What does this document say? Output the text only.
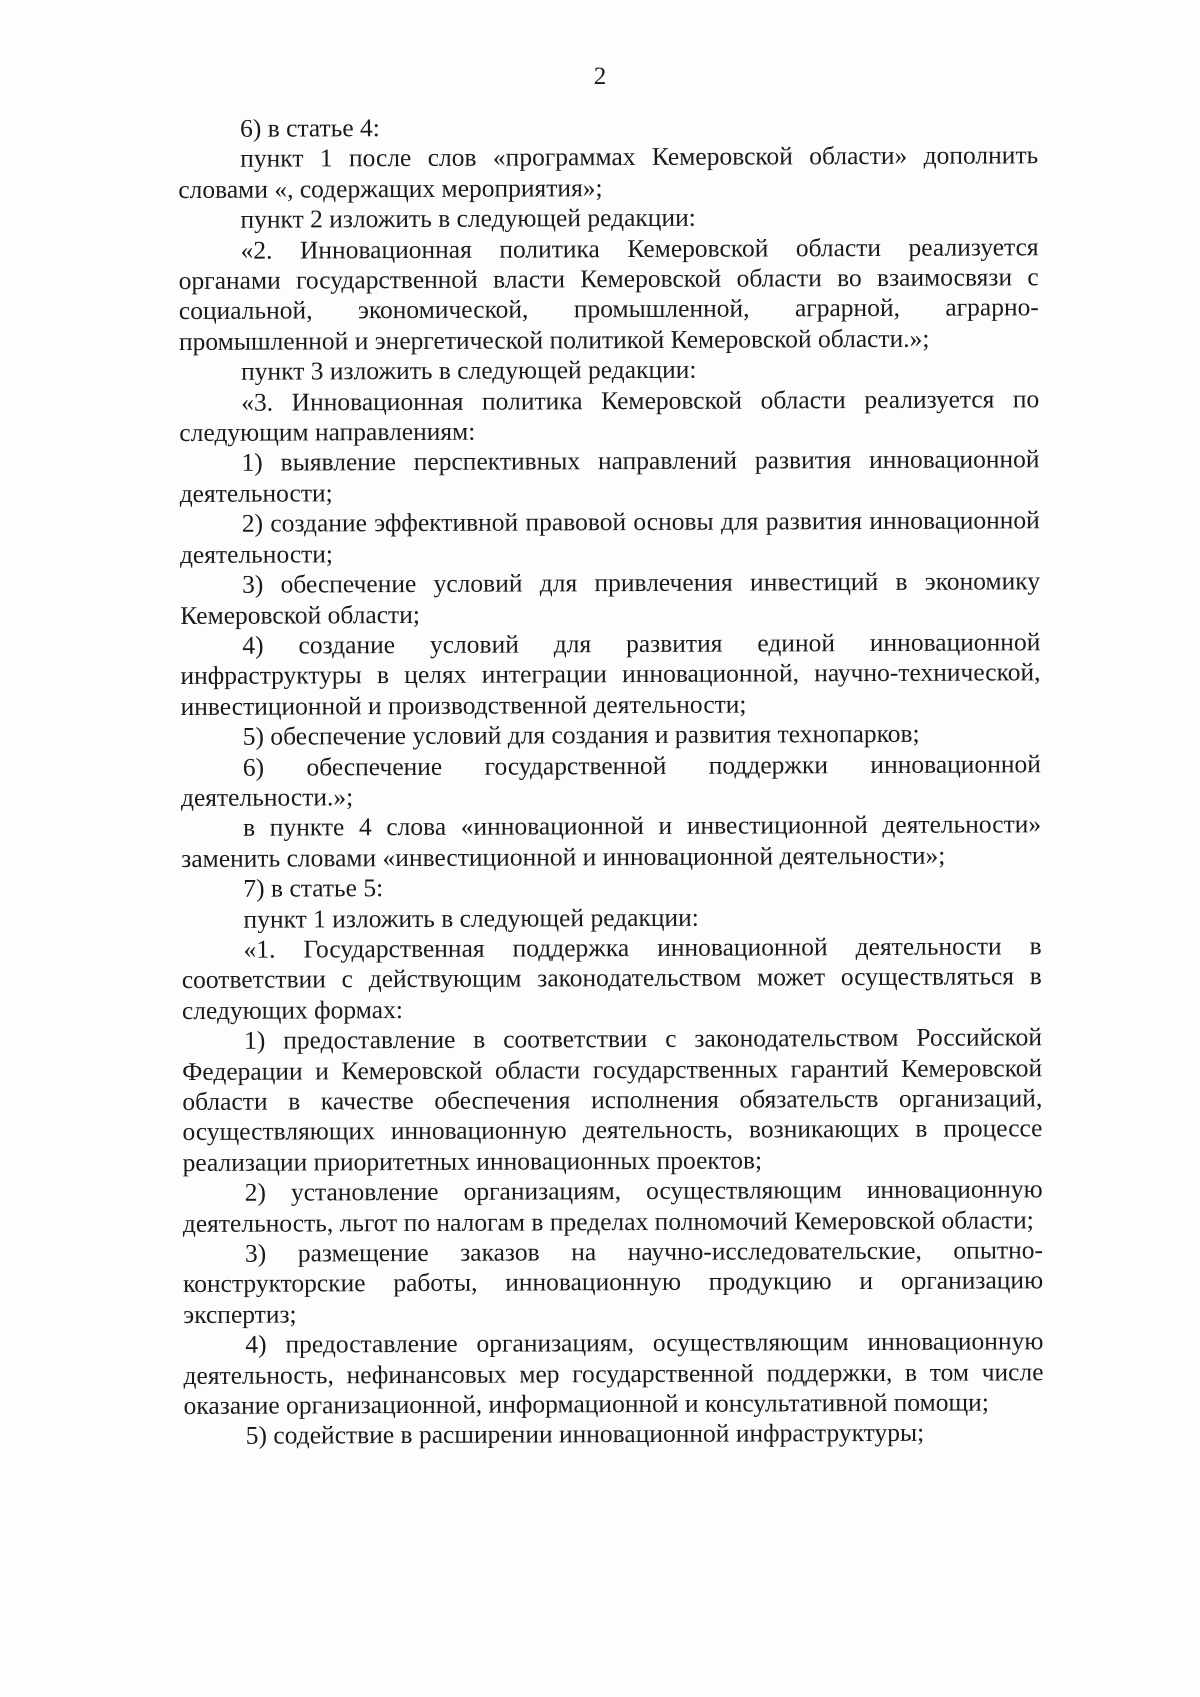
2

6) в статье 4:

пункт 1 после слов «программах Кемеровской области» дополнить словами «, содержащих мероприятия»;

пункт 2 изложить в следующей редакции:

«2. Инновационная политика Кемеровской области реализуется органами государственной власти Кемеровской области во взаимосвязи с социальной, экономической, промышленной, аграрной, аграрно-промышленной и энергетической политикой Кемеровской области.»;

пункт 3 изложить в следующей редакции:

«3. Инновационная политика Кемеровской области реализуется по следующим направлениям:

1) выявление перспективных направлений развития инновационной деятельности;

2) создание эффективной правовой основы для развития инновационной деятельности;

3) обеспечение условий для привлечения инвестиций в экономику Кемеровской области;

4) создание условий для развития единой инновационной инфраструктуры в целях интеграции инновационной, научно-технической, инвестиционной и производственной деятельности;

5) обеспечение условий для создания и развития технопарков;

6) обеспечение государственной поддержки инновационной деятельности.»;

в пункте 4 слова «инновационной и инвестиционной деятельности» заменить словами «инвестиционной и инновационной деятельности»;

7) в статье 5:

пункт 1 изложить в следующей редакции:

«1. Государственная поддержка инновационной деятельности в соответствии с действующим законодательством может осуществляться в следующих формах:

1) предоставление в соответствии с законодательством Российской Федерации и Кемеровской области государственных гарантий Кемеровской области в качестве обеспечения исполнения обязательств организаций, осуществляющих инновационную деятельность, возникающих в процессе реализации приоритетных инновационных проектов;

2) установление организациям, осуществляющим инновационную деятельность, льгот по налогам в пределах полномочий Кемеровской области;

3) размещение заказов на научно-исследовательские, опытно-конструкторские работы, инновационную продукцию и организацию экспертиз;

4) предоставление организациям, осуществляющим инновационную деятельность, нефинансовых мер государственной поддержки, в том числе оказание организационной, информационной и консультативной помощи;

5) содействие в расширении инновационной инфраструктуры;
